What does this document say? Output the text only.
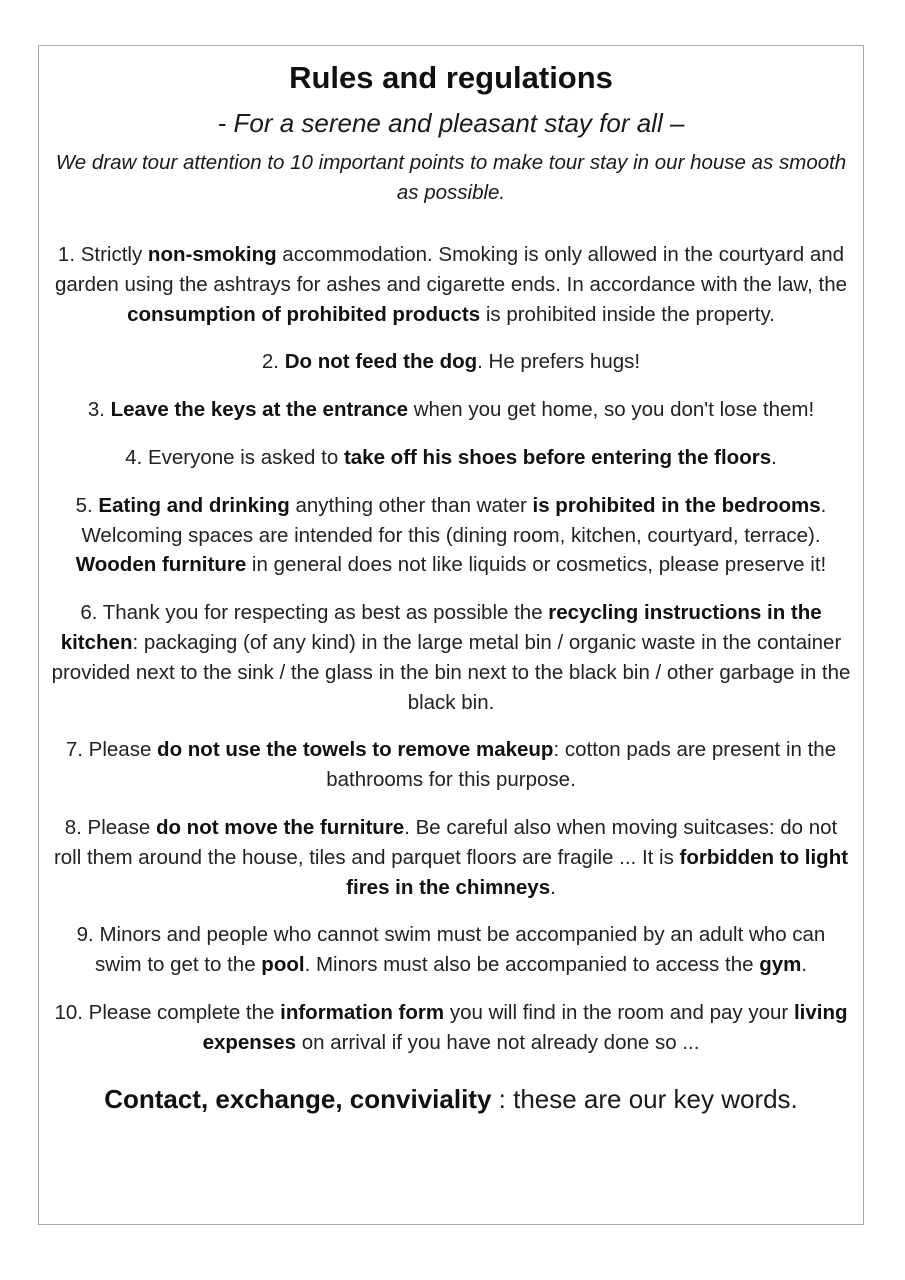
Rules and regulations

- For a serene and pleasant stay for all –

We draw tour attention to 10 important points to make tour stay in our house as smooth as possible.

1. Strictly non-smoking accommodation. Smoking is only allowed in the courtyard and garden using the ashtrays for ashes and cigarette ends. In accordance with the law, the consumption of prohibited products is prohibited inside the property.
2. Do not feed the dog. He prefers hugs!
3. Leave the keys at the entrance when you get home, so you don't lose them!
4. Everyone is asked to take off his shoes before entering the floors.
5. Eating and drinking anything other than water is prohibited in the bedrooms. Welcoming spaces are intended for this (dining room, kitchen, courtyard, terrace). Wooden furniture in general does not like liquids or cosmetics, please preserve it!
6. Thank you for respecting as best as possible the recycling instructions in the kitchen: packaging (of any kind) in the large metal bin / organic waste in the container provided next to the sink / the glass in the bin next to the black bin / other garbage in the black bin.
7. Please do not use the towels to remove makeup: cotton pads are present in the bathrooms for this purpose.
8. Please do not move the furniture. Be careful also when moving suitcases: do not roll them around the house, tiles and parquet floors are fragile ... It is forbidden to light fires in the chimneys.
9. Minors and people who cannot swim must be accompanied by an adult who can swim to get to the pool. Minors must also be accompanied to access the gym.
10. Please complete the information form you will find in the room and pay your living expenses on arrival if you have not already done so ...

Contact, exchange, conviviality : these are our key words.
